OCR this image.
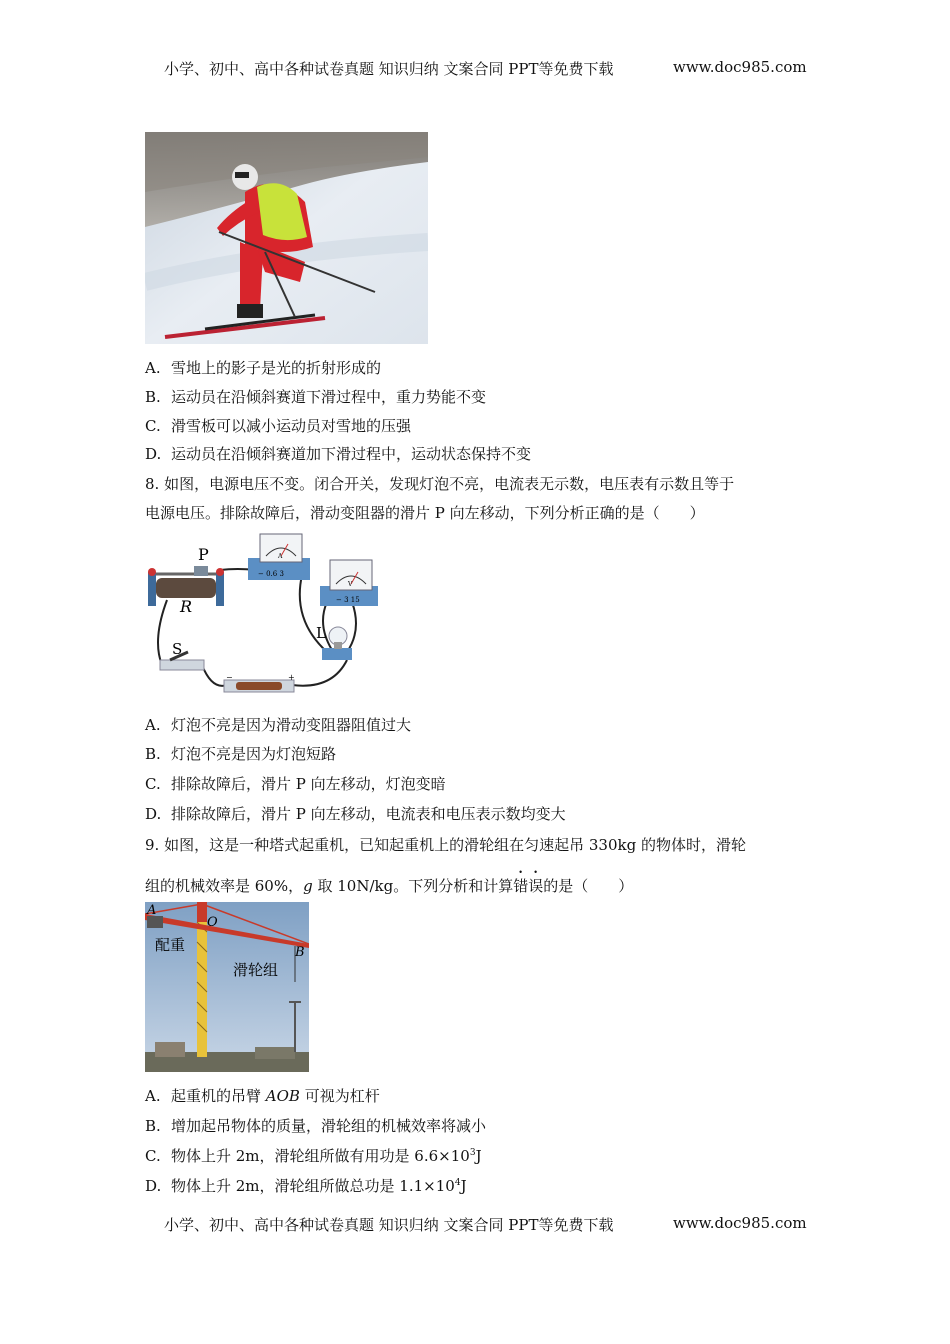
小学、初中、高中各种试卷真题 知识归纳 文案合同 PPT等免费下载	www.doc985.com
A. 雪地上的影子是光的折射形成的
B. 运动员在沿倾斜赛道下滑过程中，重力势能不变
C. 滑雪板可以减小运动员对雪地的压强
D. 运动员在沿倾斜赛道加下滑过程中，运动状态保持不变
8. 如图，电源电压不变。闭合开关，发现灯泡不亮，电流表无示数，电压表有示数且等于
电源电压。排除故障后，滑动变阻器的滑片 P 向左移动，下列分析正确的是（　　）
P
R
A
− 0.6 3
V
− 3 15
L
S
−	+
A. 灯泡不亮是因为滑动变阻器阻值过大
B. 灯泡不亮是因为灯泡短路
C. 排除故障后，滑片 P 向左移动，灯泡变暗
D. 排除故障后，滑片 P 向左移动，电流表和电压表示数均变大
9. 如图，这是一种塔式起重机，已知起重机上的滑轮组在匀速起吊 330kg 的物体时，滑轮
组的机械效率是 60%，g 取 10N/kg。下列分析和计算错误的是（　　）
A
O
B
配重
滑轮组
A. 起重机的吊臂 AOB 可视为杠杆
B. 增加起吊物体的质量，滑轮组的机械效率将减小
C. 物体上升 2m，滑轮组所做有用功是 $6.6\times 10^3J$
D. 物体上升 2m，滑轮组所做总功是 $1.1\times 10^4J$
小学、初中、高中各种试卷真题 知识归纳 文案合同 PPT等免费下载	www.doc985.com
